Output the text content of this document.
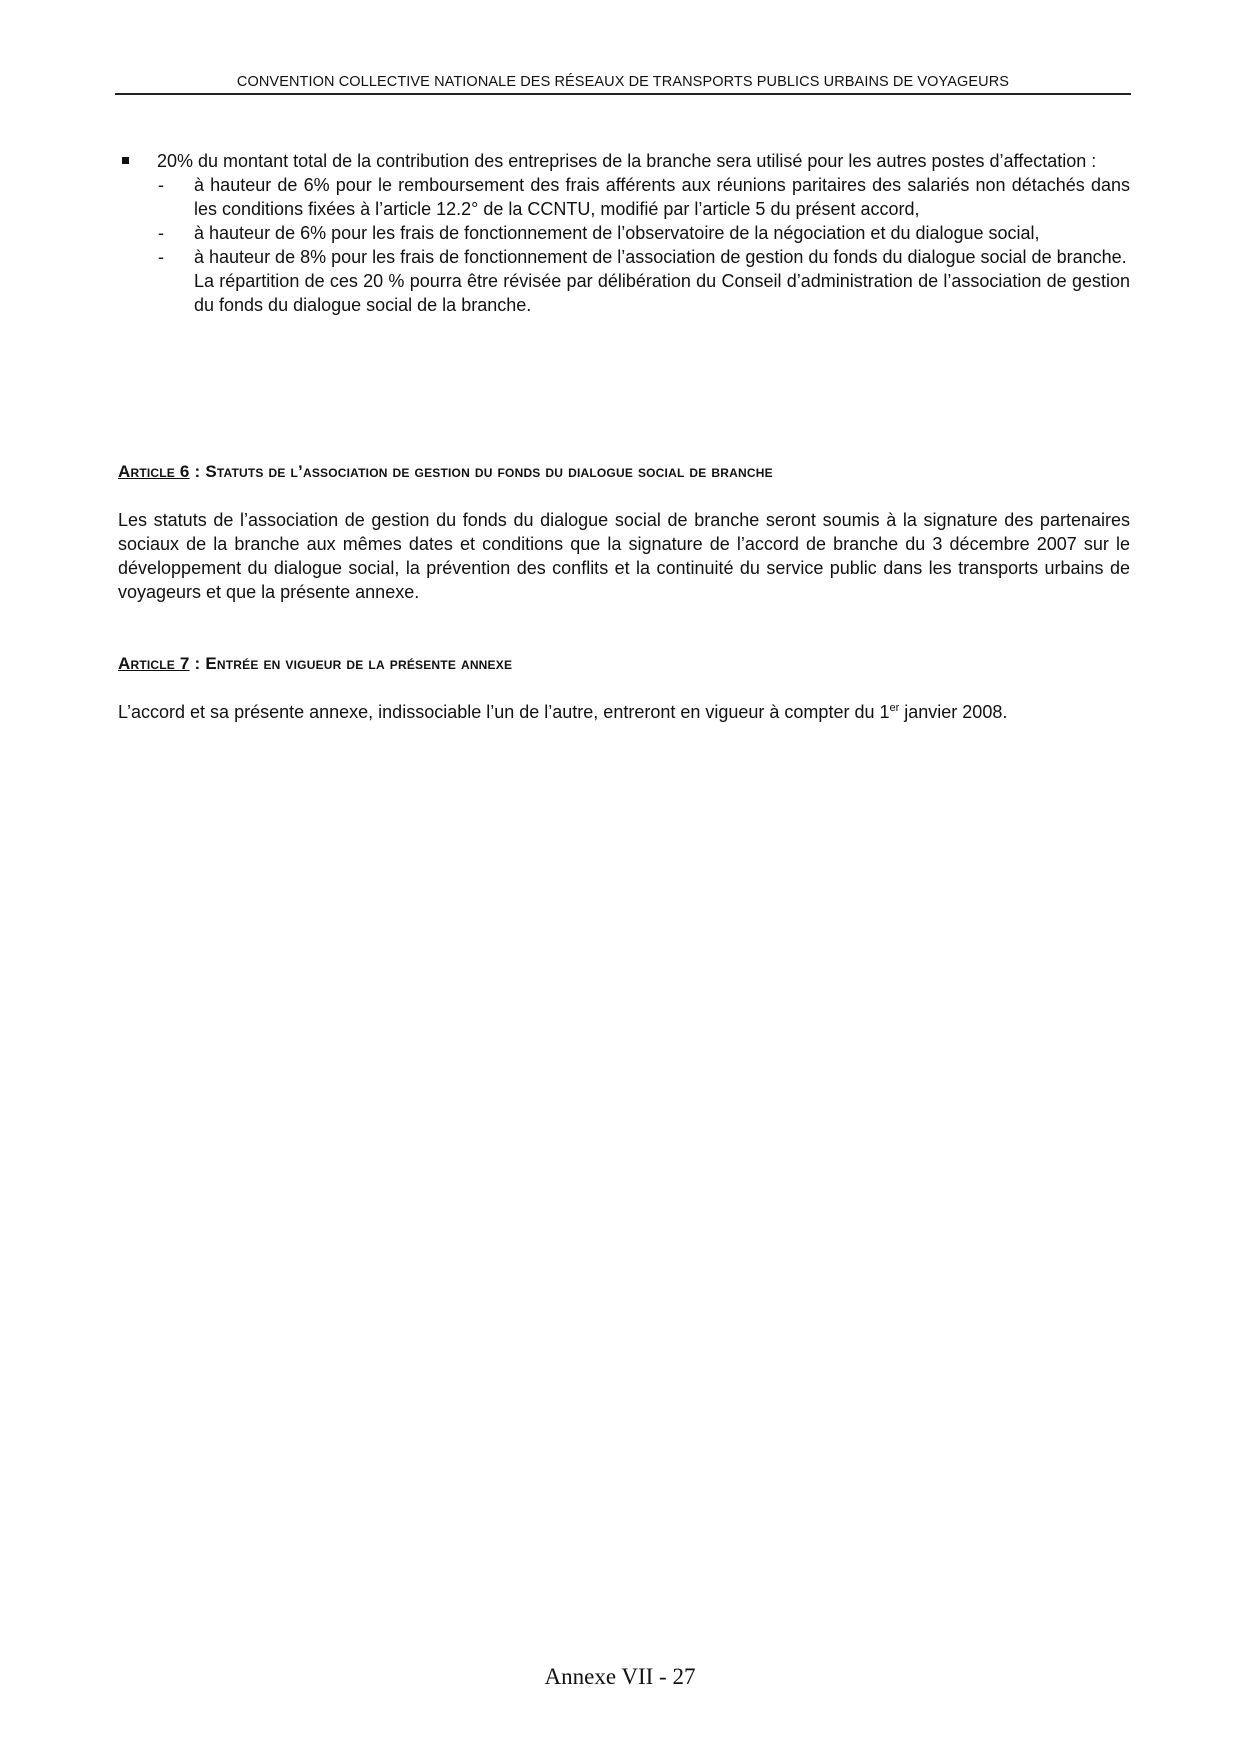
CONVENTION COLLECTIVE NATIONALE DES RÉSEAUX DE TRANSPORTS PUBLICS URBAINS DE VOYAGEURS
20% du montant total de la contribution des entreprises de la branche sera utilisé pour les autres postes d’affectation :
- à hauteur de 6% pour le remboursement des frais afférents aux réunions paritaires des salariés non détachés dans les conditions fixées à l’article 12.2° de la CCNTU, modifié par l’article 5 du présent accord,
- à hauteur de 6% pour les frais de fonctionnement de l’observatoire de la négociation et du dialogue social,
- à hauteur de 8% pour les frais de fonctionnement de l’association de gestion du fonds du dialogue social de branche.
La répartition de ces 20 % pourra être révisée par délibération du Conseil d’administration de l’association de gestion du fonds du dialogue social de la branche.
Article 6 : Statuts de l’association de gestion du fonds du dialogue social de branche
Les statuts de l’association de gestion du fonds du dialogue social de branche seront soumis à la signature des partenaires sociaux de la branche aux mêmes dates et conditions que la signature de l’accord de branche du 3 décembre 2007 sur le développement du dialogue social, la prévention des conflits et la continuité du service public dans les transports urbains de voyageurs et que la présente annexe.
Article 7 : Entrée en vigueur de la présente annexe
L’accord et sa présente annexe, indissociable l’un de l’autre, entreront en vigueur à compter du 1er janvier 2008.
Annexe VII - 27
